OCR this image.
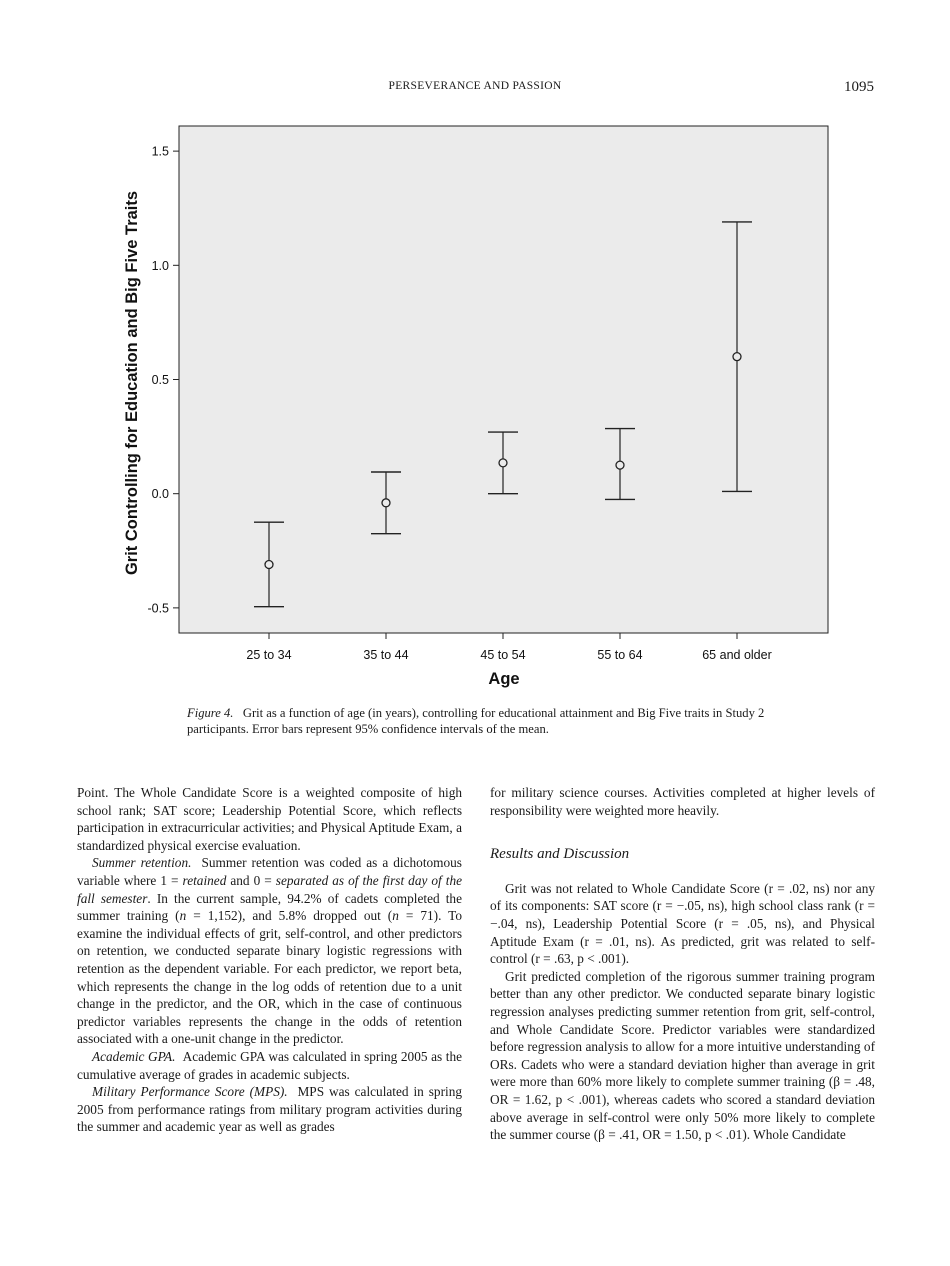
PERSEVERANCE AND PASSION	1095
-0.5
0.0
0.5
1.0
1.5
25 to 34	35 to 44	45 to 54	55 to 64	65 and older
Grit Controlling for Education and Big Five Traits
Age
Figure 4. Grit as a function of age (in years), controlling for educational attainment and Big Five traits in Study 2 participants. Error bars represent 95% confidence intervals of the mean.

Point. The Whole Candidate Score is a weighted composite of high school rank; SAT score; Leadership Potential Score, which reflects participation in extracurricular activities; and Physical Aptitude Exam, a standardized physical exercise evaluation.

Summer retention. Summer retention was coded as a dichotomous variable where 1 = retained and 0 = separated as of the first day of the fall semester. In the current sample, 94.2% of cadets completed the summer training (n = 1,152), and 5.8% dropped out (n = 71). To examine the individual effects of grit, self-control, and other predictors on retention, we conducted separate binary logistic regressions with retention as the dependent variable. For each predictor, we report beta, which represents the change in the log odds of retention due to a unit change in the predictor, and the OR, which in the case of continuous predictor variables represents the change in the odds of retention associated with a one-unit change in the predictor.

Academic GPA. Academic GPA was calculated in spring 2005 as the cumulative average of grades in academic subjects.

Military Performance Score (MPS). MPS was calculated in spring 2005 from performance ratings from military program activities during the summer and academic year as well as grades

for military science courses. Activities completed at higher levels of responsibility were weighted more heavily.

Results and Discussion

Grit was not related to Whole Candidate Score (r = .02, ns) nor any of its components: SAT score (r = −.05, ns), high school class rank (r = −.04, ns), Leadership Potential Score (r = .05, ns), and Physical Aptitude Exam (r = .01, ns). As predicted, grit was related to self-control (r = .63, p < .001).

Grit predicted completion of the rigorous summer training program better than any other predictor. We conducted separate binary logistic regression analyses predicting summer retention from grit, self-control, and Whole Candidate Score. Predictor variables were standardized before regression analysis to allow for a more intuitive understanding of ORs. Cadets who were a standard deviation higher than average in grit were more than 60% more likely to complete summer training (β = .48, OR = 1.62, p < .001), whereas cadets who scored a standard deviation above average in self-control were only 50% more likely to complete the summer course (β = .41, OR = 1.50, p < .01). Whole Candidate
